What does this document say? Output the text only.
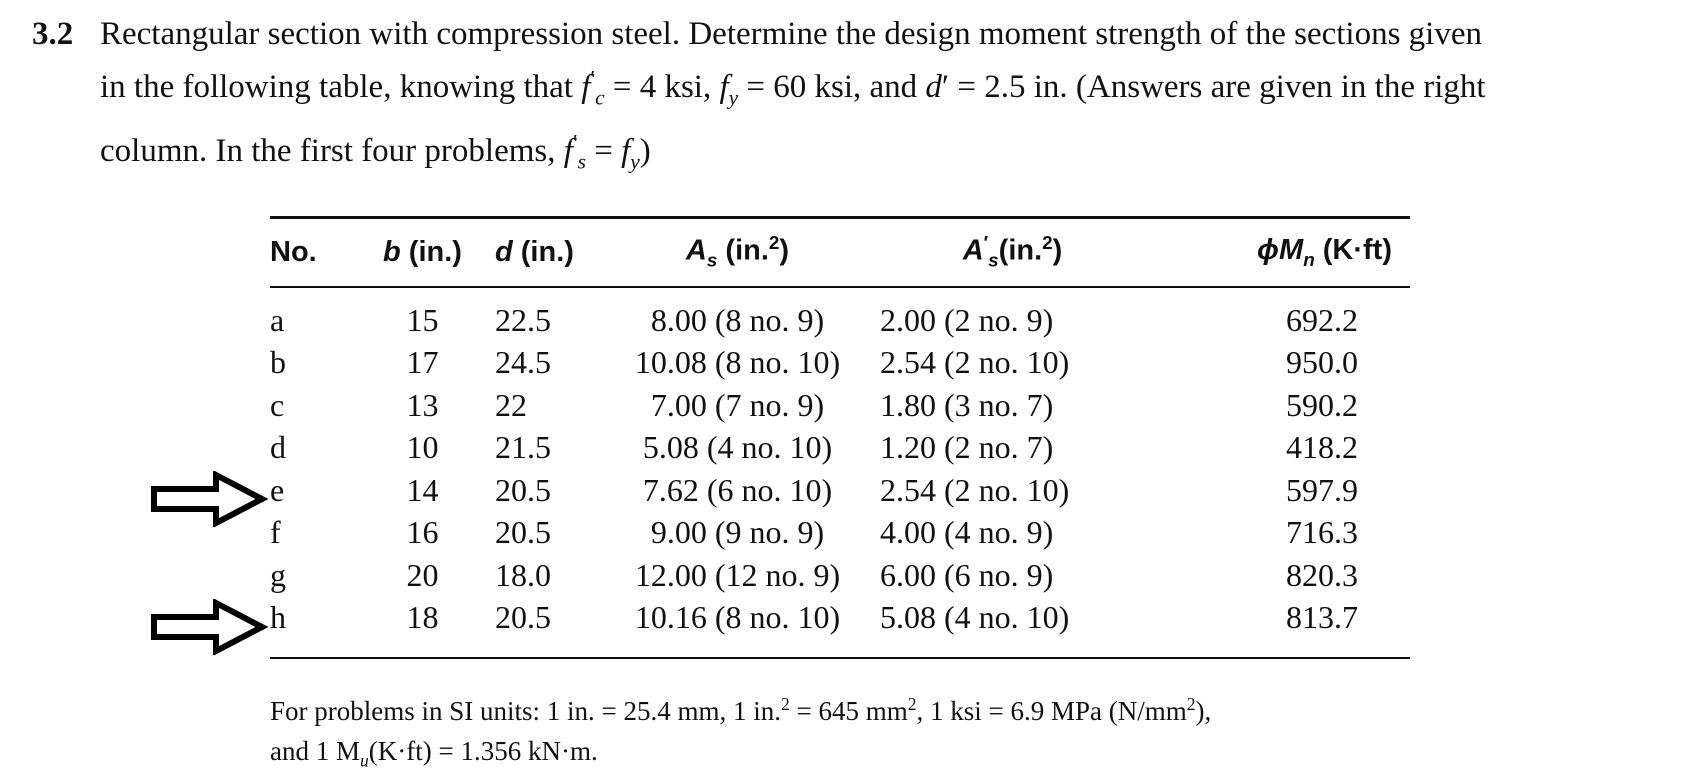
3.2 Rectangular section with compression steel. Determine the design moment strength of the sections given
in the following table, knowing that $f'_c = 4$ ksi, $f_y = 60$ ksi, and d′ = 2.5 in. (Answers are given in the right
column. In the first four problems, $f'_s = f_y$)
No.	b (in.)	d (in.)	$A_s$ (in.$^2$)	$A'_s(in.^2)$	$\phi M_n$ (K·ft)

a	15	22.5	8.00 (8 no. 9)	2.00 (2 no. 9)	692.2
b	17	24.5	10.08 (8 no. 10)	2.54 (2 no. 10)	950.0
c	13	22	7.00 (7 no. 9)	1.80 (3 no. 7)	590.2
d	10	21.5	5.08 (4 no. 10)	1.20 (2 no. 7)	418.2
e	14	20.5	7.62 (6 no. 10)	2.54 (2 no. 10)	597.9
f	16	20.5	9.00 (9 no. 9)	4.00 (4 no. 9)	716.3
g	20	18.0	12.00 (12 no. 9)	6.00 (6 no. 9)	820.3
h	18	20.5	10.16 (8 no. 10)	5.08 (4 no. 10)	813.7
For problems in SI units: 1 in. = 25.4 mm, 1 in.$^2$ = 645 $mm^2$, 1 ksi = 6.9 MPa $(N/mm^2)$,
and 1 $M_u(K\cdot ft) = 1.356$ kN·m.
